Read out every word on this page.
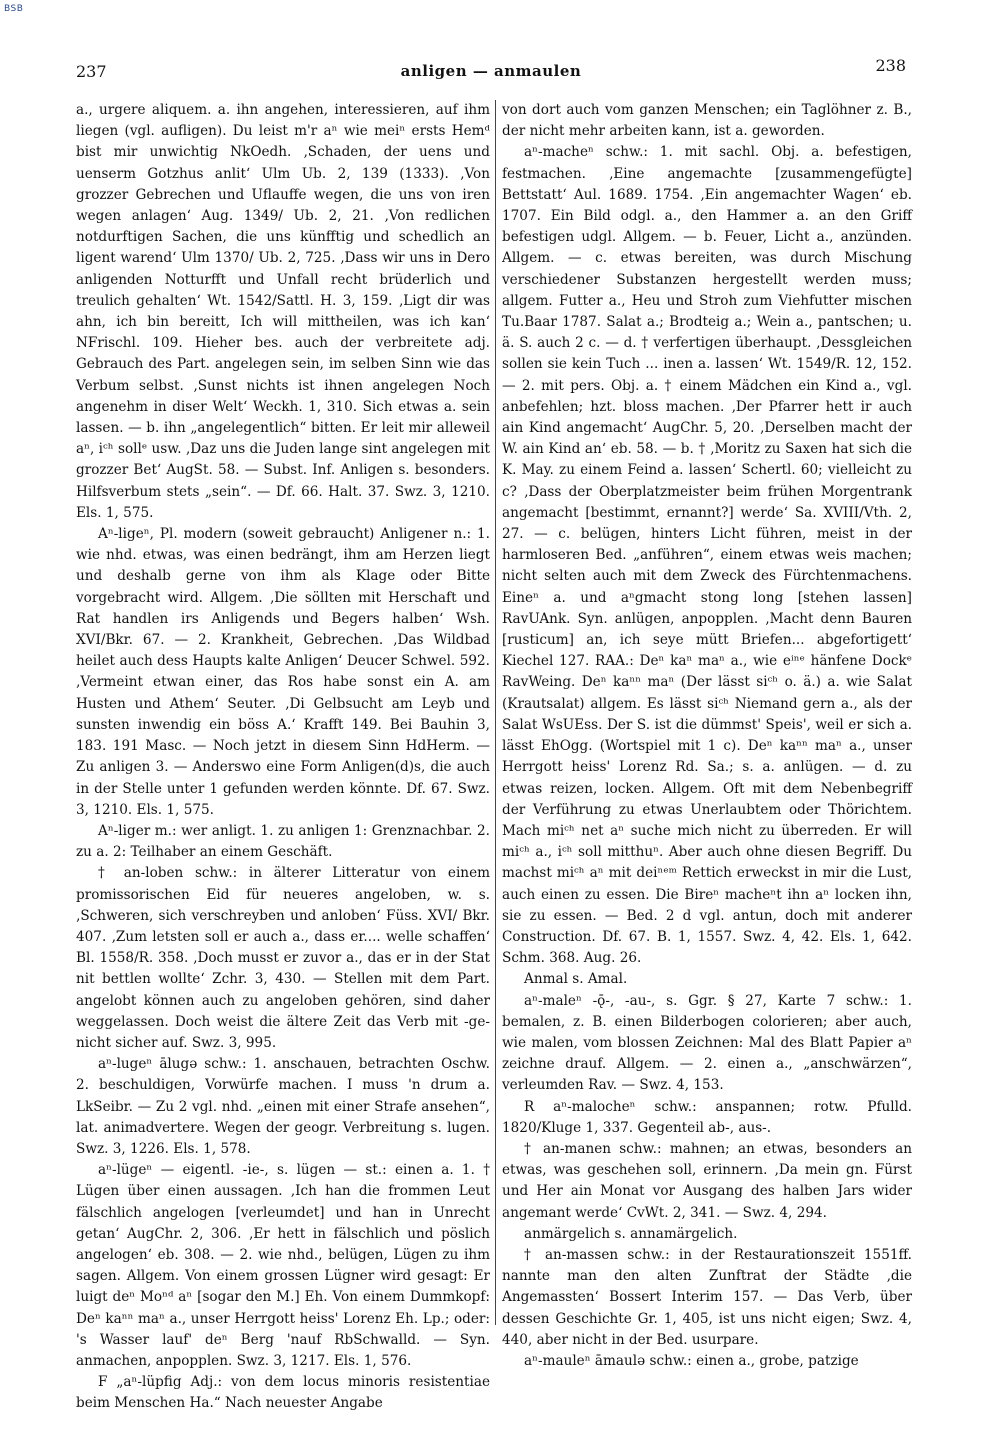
BSB
237	anligen — anmaulen	238

a., urgere aliquem. a. ihn angehen, interessieren, auf ihm liegen (vgl. aufligen). Du leist m'r aⁿ wie meiⁿ ersts Hemᵈ bist mir unwichtig NkOedh. ‚Schaden, der uens und uenserm Gotzhus anlit‘ Ulm Ub. 2, 139 (1333). ‚Von grozzer Gebrechen und Uflauffe wegen, die uns von iren wegen anlagen‘ Aug. 1349/ Ub. 2, 21. ‚Von redlichen notdurftigen Sachen, die uns künfftig und schedlich an ligent warend‘ Ulm 1370/ Ub. 2, 725. ‚Dass wir uns in Dero anligenden Notturfft und Unfall recht brüderlich und treulich gehalten‘ Wt. 1542/Sattl. H. 3, 159. ‚Ligt dir was ahn, ich bin bereitt, Ich will mittheilen, was ich kan‘ NFrischl. 109. Hieher bes. auch der verbreitete adj. Gebrauch des Part. angelegen sein, im selben Sinn wie das Verbum selbst. ‚Sunst nichts ist ihnen angelegen Noch angenehm in diser Welt‘ Weckh. 1, 310. Sich etwas a. sein lassen. — b. ihn „angelegentlich“ bitten. Er leit mir alleweil aⁿ, iᶜʰ sollᵉ usw. ‚Daz uns die Juden lange sint angelegen mit grozzer Bet‘ AugSt. 58. — Subst. Inf. Anligen s. besonders. Hilfsverbum stets „sein“. — Df. 66. Halt. 37. Swz. 3, 1210. Els. 1, 575.

Aⁿ-ligeⁿ, Pl. modern (soweit gebraucht) Anligener n.: 1. wie nhd. etwas, was einen bedrängt, ihm am Herzen liegt und deshalb gerne von ihm als Klage oder Bitte vorgebracht wird. Allgem. ‚Die söllten mit Herschaft und Rat handlen irs Anligends und Begers halben‘ Wsh. XVI/Bkr. 67. — 2. Krankheit, Gebrechen. ‚Das Wildbad heilet auch dess Haupts kalte Anligen‘ Deucer Schwel. 592. ‚Vermeint etwan einer, das Ros habe sonst ein A. am Husten und Athem‘ Seuter. ‚Di Gelbsucht am Leyb und sunsten inwendig ein böss A.‘ Krafft 149. Bei Bauhin 3, 183. 191 Masc. — Noch jetzt in diesem Sinn HdHerm. — Zu anligen 3. — Anderswo eine Form Anligen(d)s, die auch in der Stelle unter 1 gefunden werden könnte. Df. 67. Swz. 3, 1210. Els. 1, 575.

Aⁿ-liger m.: wer anligt. 1. zu anligen 1: Grenznachbar. 2. zu a. 2: Teilhaber an einem Geschäft.

† an-loben schw.: in älterer Litteratur von einem promissorischen Eid für neueres angeloben, w. s. ‚Schweren, sich verschreyben und anloben‘ Füss. XVI/ Bkr. 407. ‚Zum letsten soll er auch a., dass er.... welle schaffen‘ Bl. 1558/R. 358. ‚Doch musst er zuvor a., das er in der Stat nit bettlen wollte‘ Zchr. 3, 430. — Stellen mit dem Part. angelobt können auch zu angeloben gehören, sind daher weggelassen. Doch weist die ältere Zeit das Verb mit -ge- nicht sicher auf. Swz. 3, 995.

aⁿ-lugeⁿ ālugə schw.: 1. anschauen, betrachten Oschw. 2. beschuldigen, Vorwürfe machen. I muss 'n drum a. LkSeibr. — Zu 2 vgl. nhd. „einen mit einer Strafe ansehen“, lat. animadvertere. Wegen der geogr. Verbreitung s. lugen. Swz. 3, 1226. Els. 1, 578.

aⁿ-lügeⁿ — eigentl. -ie-, s. lügen — st.: einen a. 1. † Lügen über einen aussagen. ‚Ich han die frommen Leut fälschlich angelogen [verleumdet] und han in Unrecht getan‘ AugChr. 2, 306. ‚Er hett in fälschlich und pöslich angelogen‘ eb. 308. — 2. wie nhd., belügen, Lügen zu ihm sagen. Allgem. Von einem grossen Lügner wird gesagt: Er luigt deⁿ Moⁿᵈ aⁿ [sogar den M.] Eh. Von einem Dummkopf: Deⁿ kaⁿⁿ maⁿ a., unser Herrgott heiss' Lorenz Eh. Lp.; oder: 's Wasser lauf' deⁿ Berg 'nauf RbSchwalld. — Syn. anmachen, anpopplen. Swz. 3, 1217. Els. 1, 576.

F „aⁿ-lüpfig Adj.: von dem locus minoris resistentiae beim Menschen Ha.“ Nach neuester Angabe

von dort auch vom ganzen Menschen; ein Taglöhner z. B., der nicht mehr arbeiten kann, ist a. geworden.

aⁿ-macheⁿ schw.: 1. mit sachl. Obj. a. befestigen, festmachen. ‚Eine angemachte [zusammengefügte] Bettstatt‘ Aul. 1689. 1754. ‚Ein angemachter Wagen‘ eb. 1707. Ein Bild odgl. a., den Hammer a. an den Griff befestigen udgl. Allgem. — b. Feuer, Licht a., anzünden. Allgem. — c. etwas bereiten, was durch Mischung verschiedener Substanzen hergestellt werden muss; allgem. Futter a., Heu und Stroh zum Viehfutter mischen Tu.Baar 1787. Salat a.; Brodteig a.; Wein a., pantschen; u. ä. S. auch 2 c. — d. † verfertigen überhaupt. ‚Dessgleichen sollen sie kein Tuch ... inen a. lassen‘ Wt. 1549/R. 12, 152. — 2. mit pers. Obj. a. † einem Mädchen ein Kind a., vgl. anbefehlen; hzt. bloss machen. ‚Der Pfarrer hett ir auch ain Kind angemacht‘ AugChr. 5, 20. ‚Derselben macht der W. ain Kind an‘ eb. 58. — b. † ‚Moritz zu Saxen hat sich die K. May. zu einem Feind a. lassen‘ Schertl. 60; vielleicht zu c? ‚Dass der Oberplatzmeister beim frühen Morgentrank angemacht [bestimmt, ernannt?] werde‘ Sa. XVIII/Vth. 2, 27. — c. belügen, hinters Licht führen, meist in der harmloseren Bed. „anführen“, einem etwas weis machen; nicht selten auch mit dem Zweck des Fürchtenmachens. Eineⁿ a. und aⁿgmacht stong long [stehen lassen] RavUAnk. Syn. anlügen, anpopplen. ‚Macht denn Bauren [rusticum] an, ich seye mütt Briefen... abgefortigett‘ Kiechel 127. RAA.: Deⁿ kaⁿ maⁿ a., wie eⁱⁿᵉ hänfene Dockᵉ RavWeing. Deⁿ kaⁿⁿ maⁿ (Der lässt siᶜʰ o. ä.) a. wie Salat (Krautsalat) allgem. Es lässt siᶜʰ Niemand gern a., als der Salat WsUEss. Der S. ist die dümmst' Speis', weil er sich a. lässt EhOgg. (Wortspiel mit 1 c). Deⁿ kaⁿⁿ maⁿ a., unser Herrgott heiss' Lorenz Rd. Sa.; s. a. anlügen. — d. zu etwas reizen, locken. Allgem. Oft mit dem Nebenbegriff der Verführung zu etwas Unerlaubtem oder Thörichtem. Mach miᶜʰ net aⁿ suche mich nicht zu überreden. Er will miᶜʰ a., iᶜʰ soll mitthuⁿ. Aber auch ohne diesen Begriff. Du machst miᶜʰ aⁿ mit deiⁿᵉᵐ Rettich erweckst in mir die Lust, auch einen zu essen. Die Bireⁿ macheⁿt ihn aⁿ locken ihn, sie zu essen. — Bed. 2 d vgl. antun, doch mit anderer Construction. Df. 67. B. 1, 1557. Swz. 4, 42. Els. 1, 642. Schm. 368. Aug. 26.

Anmal s. Amal.

aⁿ-maleⁿ -ǭ-, -au-, s. Ggr. § 27, Karte 7 schw.: 1. bemalen, z. B. einen Bilderbogen colorieren; aber auch, wie malen, vom blossen Zeichnen: Mal des Blatt Papier aⁿ zeichne drauf. Allgem. — 2. einen a., „anschwärzen“, verleumden Rav. — Swz. 4, 153.

R aⁿ-malocheⁿ schw.: anspannen; rotw. Pfulld. 1820/Kluge 1, 337. Gegenteil ab-, aus-.

† an-manen schw.: mahnen; an etwas, besonders an etwas, was geschehen soll, erinnern. ‚Da mein gn. Fürst und Her ain Monat vor Ausgang des halben Jars wider angemant werde‘ CvWt. 2, 341. — Swz. 4, 294.

anmärgelich s. annamärgelich.

† an-massen schw.: in der Restaurationszeit 1551ff. nannte man den alten Zunftrat der Städte ‚die Angemassten‘ Bossert Interim 157. — Das Verb, über dessen Geschichte Gr. 1, 405, ist uns nicht eigen; Swz. 4, 440, aber nicht in der Bed. usurpare.

aⁿ-mauleⁿ āmaulə schw.: einen a., grobe, patzige
